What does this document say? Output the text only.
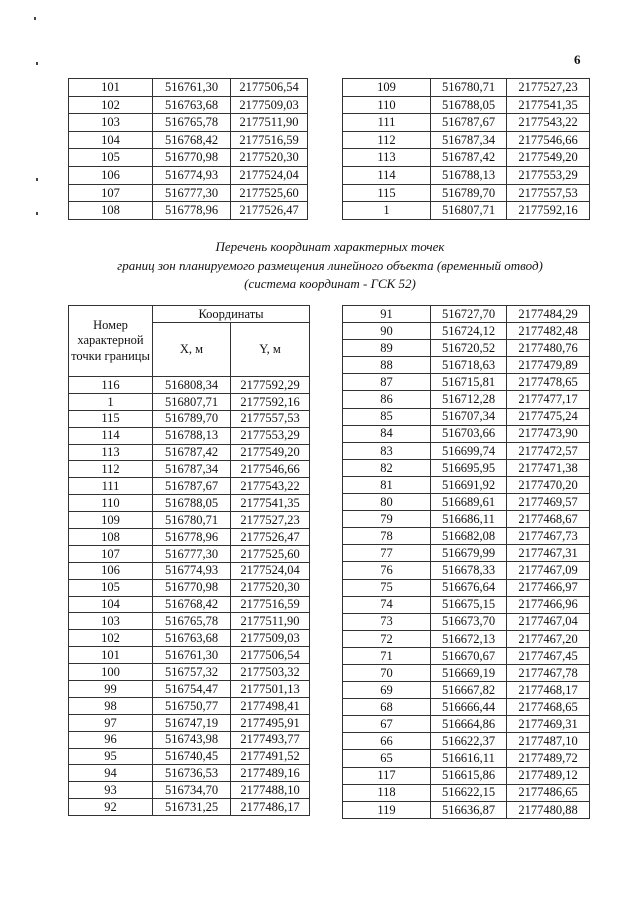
6
101	516761,30	2177506,54
102	516763,68	2177509,03
103	516765,78	2177511,90
104	516768,42	2177516,59
105	516770,98	2177520,30
106	516774,93	2177524,04
107	516777,30	2177525,60
108	516778,96	2177526,47
109	516780,71	2177527,23
110	516788,05	2177541,35
111	516787,67	2177543,22
112	516787,34	2177546,66
113	516787,42	2177549,20
114	516788,13	2177553,29
115	516789,70	2177557,53
1	516807,71	2177592,16
Перечень координат характерных точек
границ зон планируемого размещения линейного объекта (временный отвод)
(система координат - ГСК 52)
Номер характерной точки границы	Координаты	
	X, м	Y, м
116	516808,34	2177592,29
1	516807,71	2177592,16
115	516789,70	2177557,53
114	516788,13	2177553,29
113	516787,42	2177549,20
112	516787,34	2177546,66
111	516787,67	2177543,22
110	516788,05	2177541,35
109	516780,71	2177527,23
108	516778,96	2177526,47
107	516777,30	2177525,60
106	516774,93	2177524,04
105	516770,98	2177520,30
104	516768,42	2177516,59
103	516765,78	2177511,90
102	516763,68	2177509,03
101	516761,30	2177506,54
100	516757,32	2177503,32
99	516754,47	2177501,13
98	516750,77	2177498,41
97	516747,19	2177495,91
96	516743,98	2177493,77
95	516740,45	2177491,52
94	516736,53	2177489,16
93	516734,70	2177488,10
92	516731,25	2177486,17
91	516727,70	2177484,29
90	516724,12	2177482,48
89	516720,52	2177480,76
88	516718,63	2177479,89
87	516715,81	2177478,65
86	516712,28	2177477,17
85	516707,34	2177475,24
84	516703,66	2177473,90
83	516699,74	2177472,57
82	516695,95	2177471,38
81	516691,92	2177470,20
80	516689,61	2177469,57
79	516686,11	2177468,67
78	516682,08	2177467,73
77	516679,99	2177467,31
76	516678,33	2177467,09
75	516676,64	2177466,97
74	516675,15	2177466,96
73	516673,70	2177467,04
72	516672,13	2177467,20
71	516670,67	2177467,45
70	516669,19	2177467,78
69	516667,82	2177468,17
68	516666,44	2177468,65
67	516664,86	2177469,31
66	516622,37	2177487,10
65	516616,11	2177489,72
117	516615,86	2177489,12
118	516622,15	2177486,65
119	516636,87	2177480,88
